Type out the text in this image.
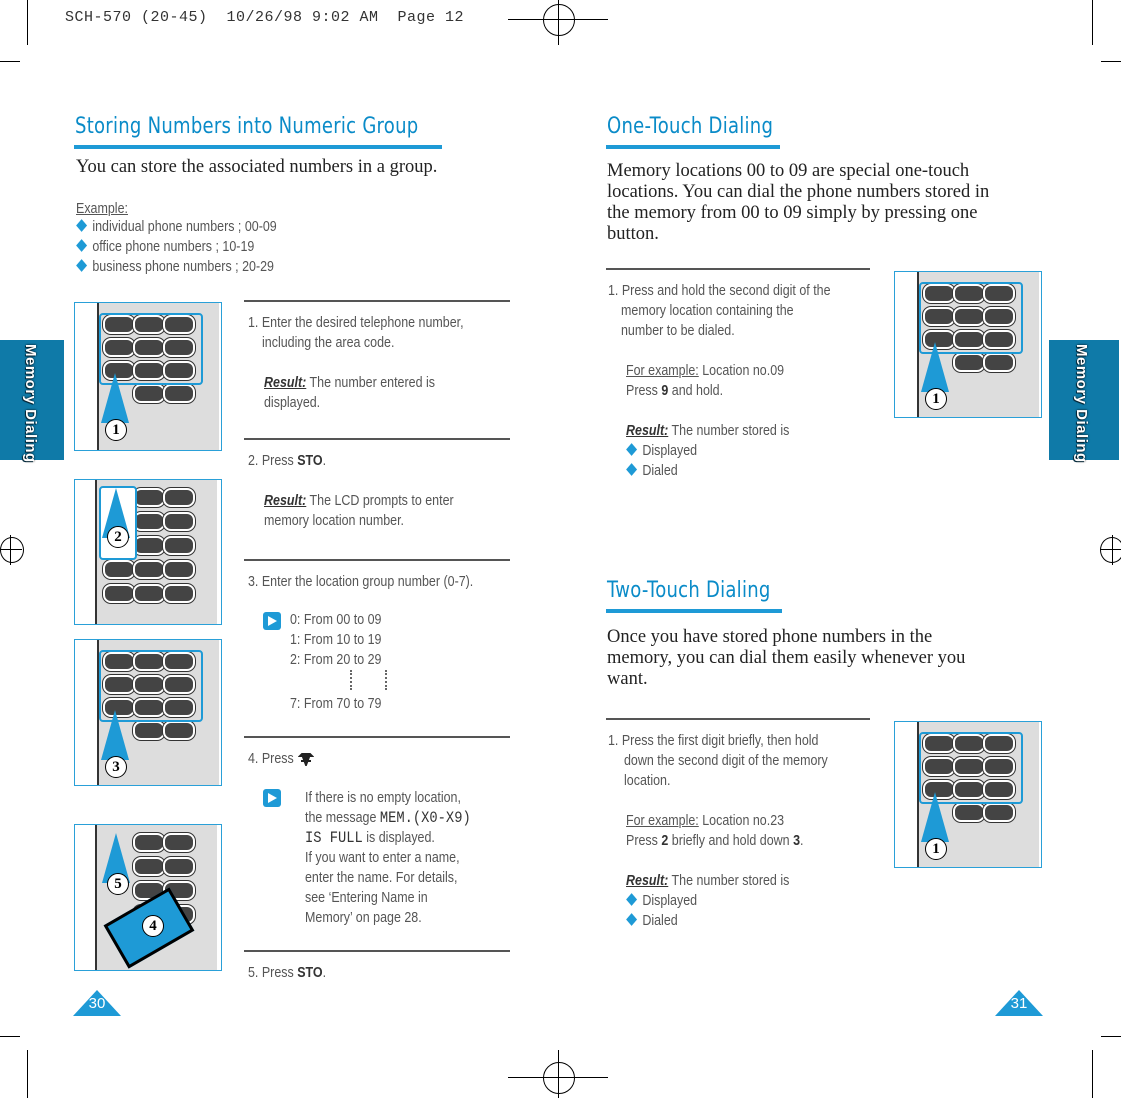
SCH-570 (20-45)  10/26/98 9:02 AM  Page 12
Memory Dialing	Memory Dialing
Storing Numbers into Numeric Group
You can store the associated numbers in a group.
Example:
individual phone numbers ; 00-09
office phone numbers ; 10-19
business phone numbers ; 20-29
1
2
3
5
4
1. Enter the desired telephone number,
including the area code.
Result: The number entered is
displayed.
2. Press STO.
Result: The LCD prompts to enter
memory location number.
3. Enter the location group number (0-7).
0: From 00 to 09
1: From 10 to 19
2: From 20 to 29
7: From 70 to 79
4. Press
If there is no empty location,
the message MEM.(X0-X9)
IS FULL is displayed.
If you want to enter a name,
enter the name. For details,
see ‘Entering Name in
Memory’ on page 28.
5. Press STO.
30
One-Touch Dialing
Memory locations 00 to 09 are special one-touch
locations. You can dial the phone numbers stored in
the memory from 00 to 09 simply by pressing one
button.
1. Press and hold the second digit of the
memory location containing the
number to be dialed.
For example: Location no.09
Press 9 and hold.
Result: The number stored is
Displayed
Dialed
1
Two-Touch Dialing
Once you have stored phone numbers in the
memory, you can dial them easily whenever you
want.
1. Press the first digit briefly, then hold
down the second digit of the memory
location.
For example: Location no.23
Press 2 briefly and hold down 3.
Result: The number stored is
Displayed
Dialed
1
31
